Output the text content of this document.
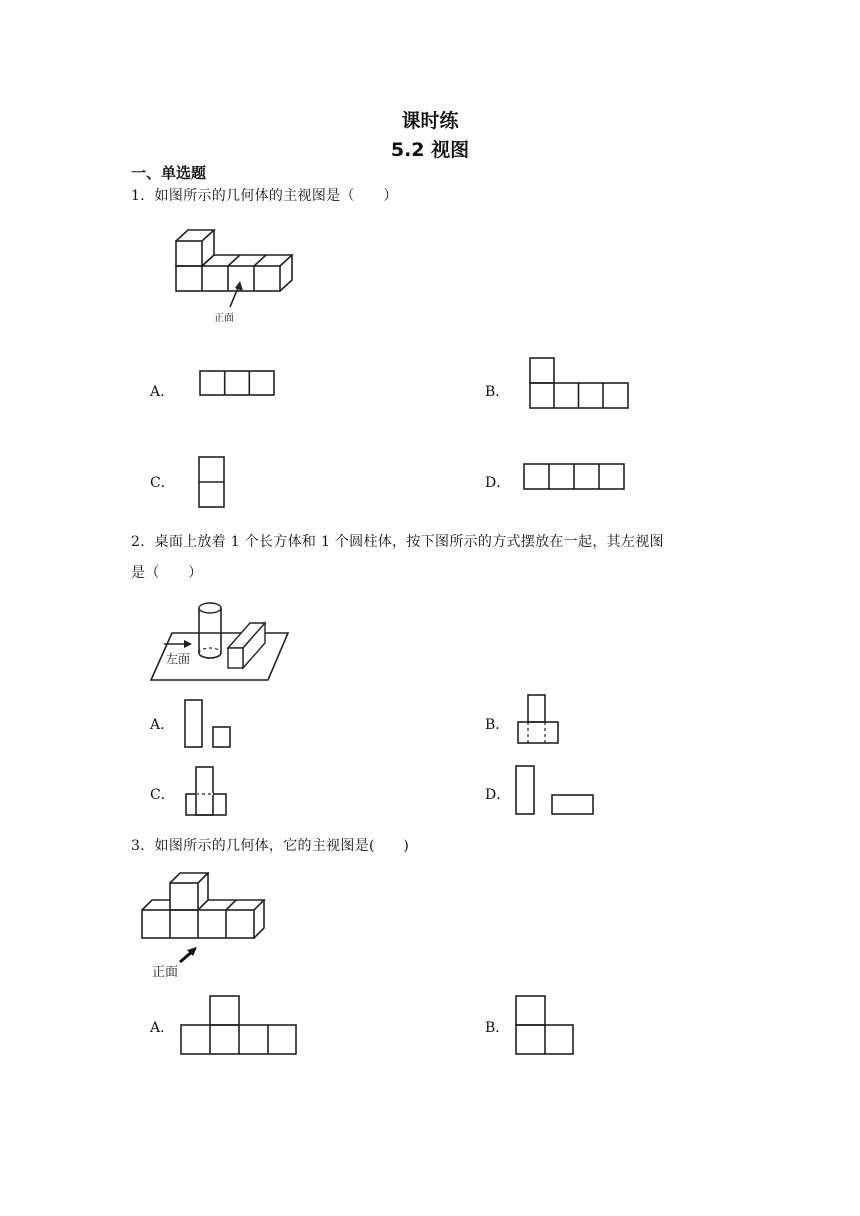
课时练
5.2 视图
一、单选题
1．如图所示的几何体的主视图是（　　）
正面
A．	B．
C．	D．
2．桌面上放着 1 个长方体和 1 个圆柱体，按下图所示的方式摆放在一起，其左视图
是（　　）
左面
A．	B．
C．	D．
3．如图所示的几何体，它的主视图是(　　)
正面
A．	B．
